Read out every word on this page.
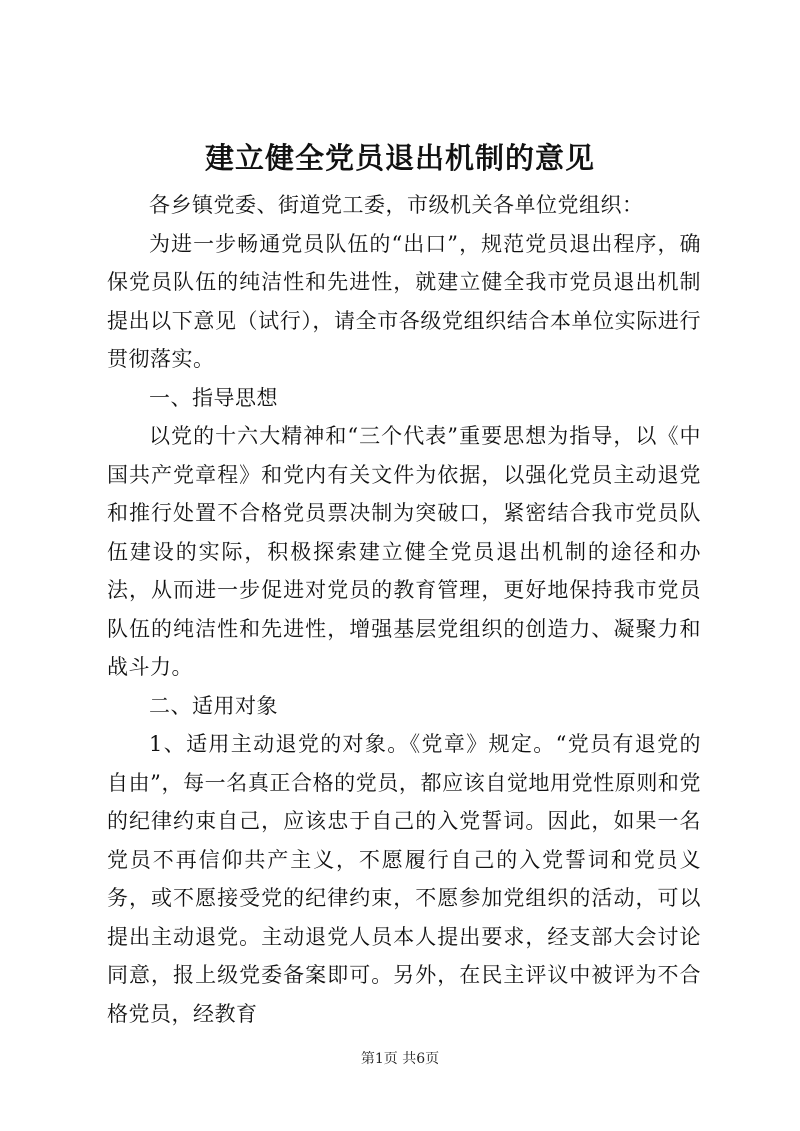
建立健全党员退出机制的意见

各乡镇党委、街道党工委，市级机关各单位党组织：

为进一步畅通党员队伍的“出口”，规范党员退出程序，确保党员队伍的纯洁性和先进性，就建立健全我市党员退出机制提出以下意见（试行），请全市各级党组织结合本单位实际进行贯彻落实。

一、指导思想

以党的十六大精神和“三个代表”重要思想为指导，以《中国共产党章程》和党内有关文件为依据，以强化党员主动退党和推行处置不合格党员票决制为突破口，紧密结合我市党员队伍建设的实际，积极探索建立健全党员退出机制的途径和办法，从而进一步促进对党员的教育管理，更好地保持我市党员队伍的纯洁性和先进性，增强基层党组织的创造力、凝聚力和战斗力。

二、适用对象

1、适用主动退党的对象。《党章》规定。“党员有退党的自由”，每一名真正合格的党员，都应该自觉地用党性原则和党的纪律约束自己，应该忠于自己的入党誓词。因此，如果一名党员不再信仰共产主义，不愿履行自己的入党誓词和党员义务，或不愿接受党的纪律约束，不愿参加党组织的活动，可以提出主动退党。主动退党人员本人提出要求，经支部大会讨论同意，报上级党委备案即可。另外，在民主评议中被评为不合格党员，经教育

第1页 共6页
